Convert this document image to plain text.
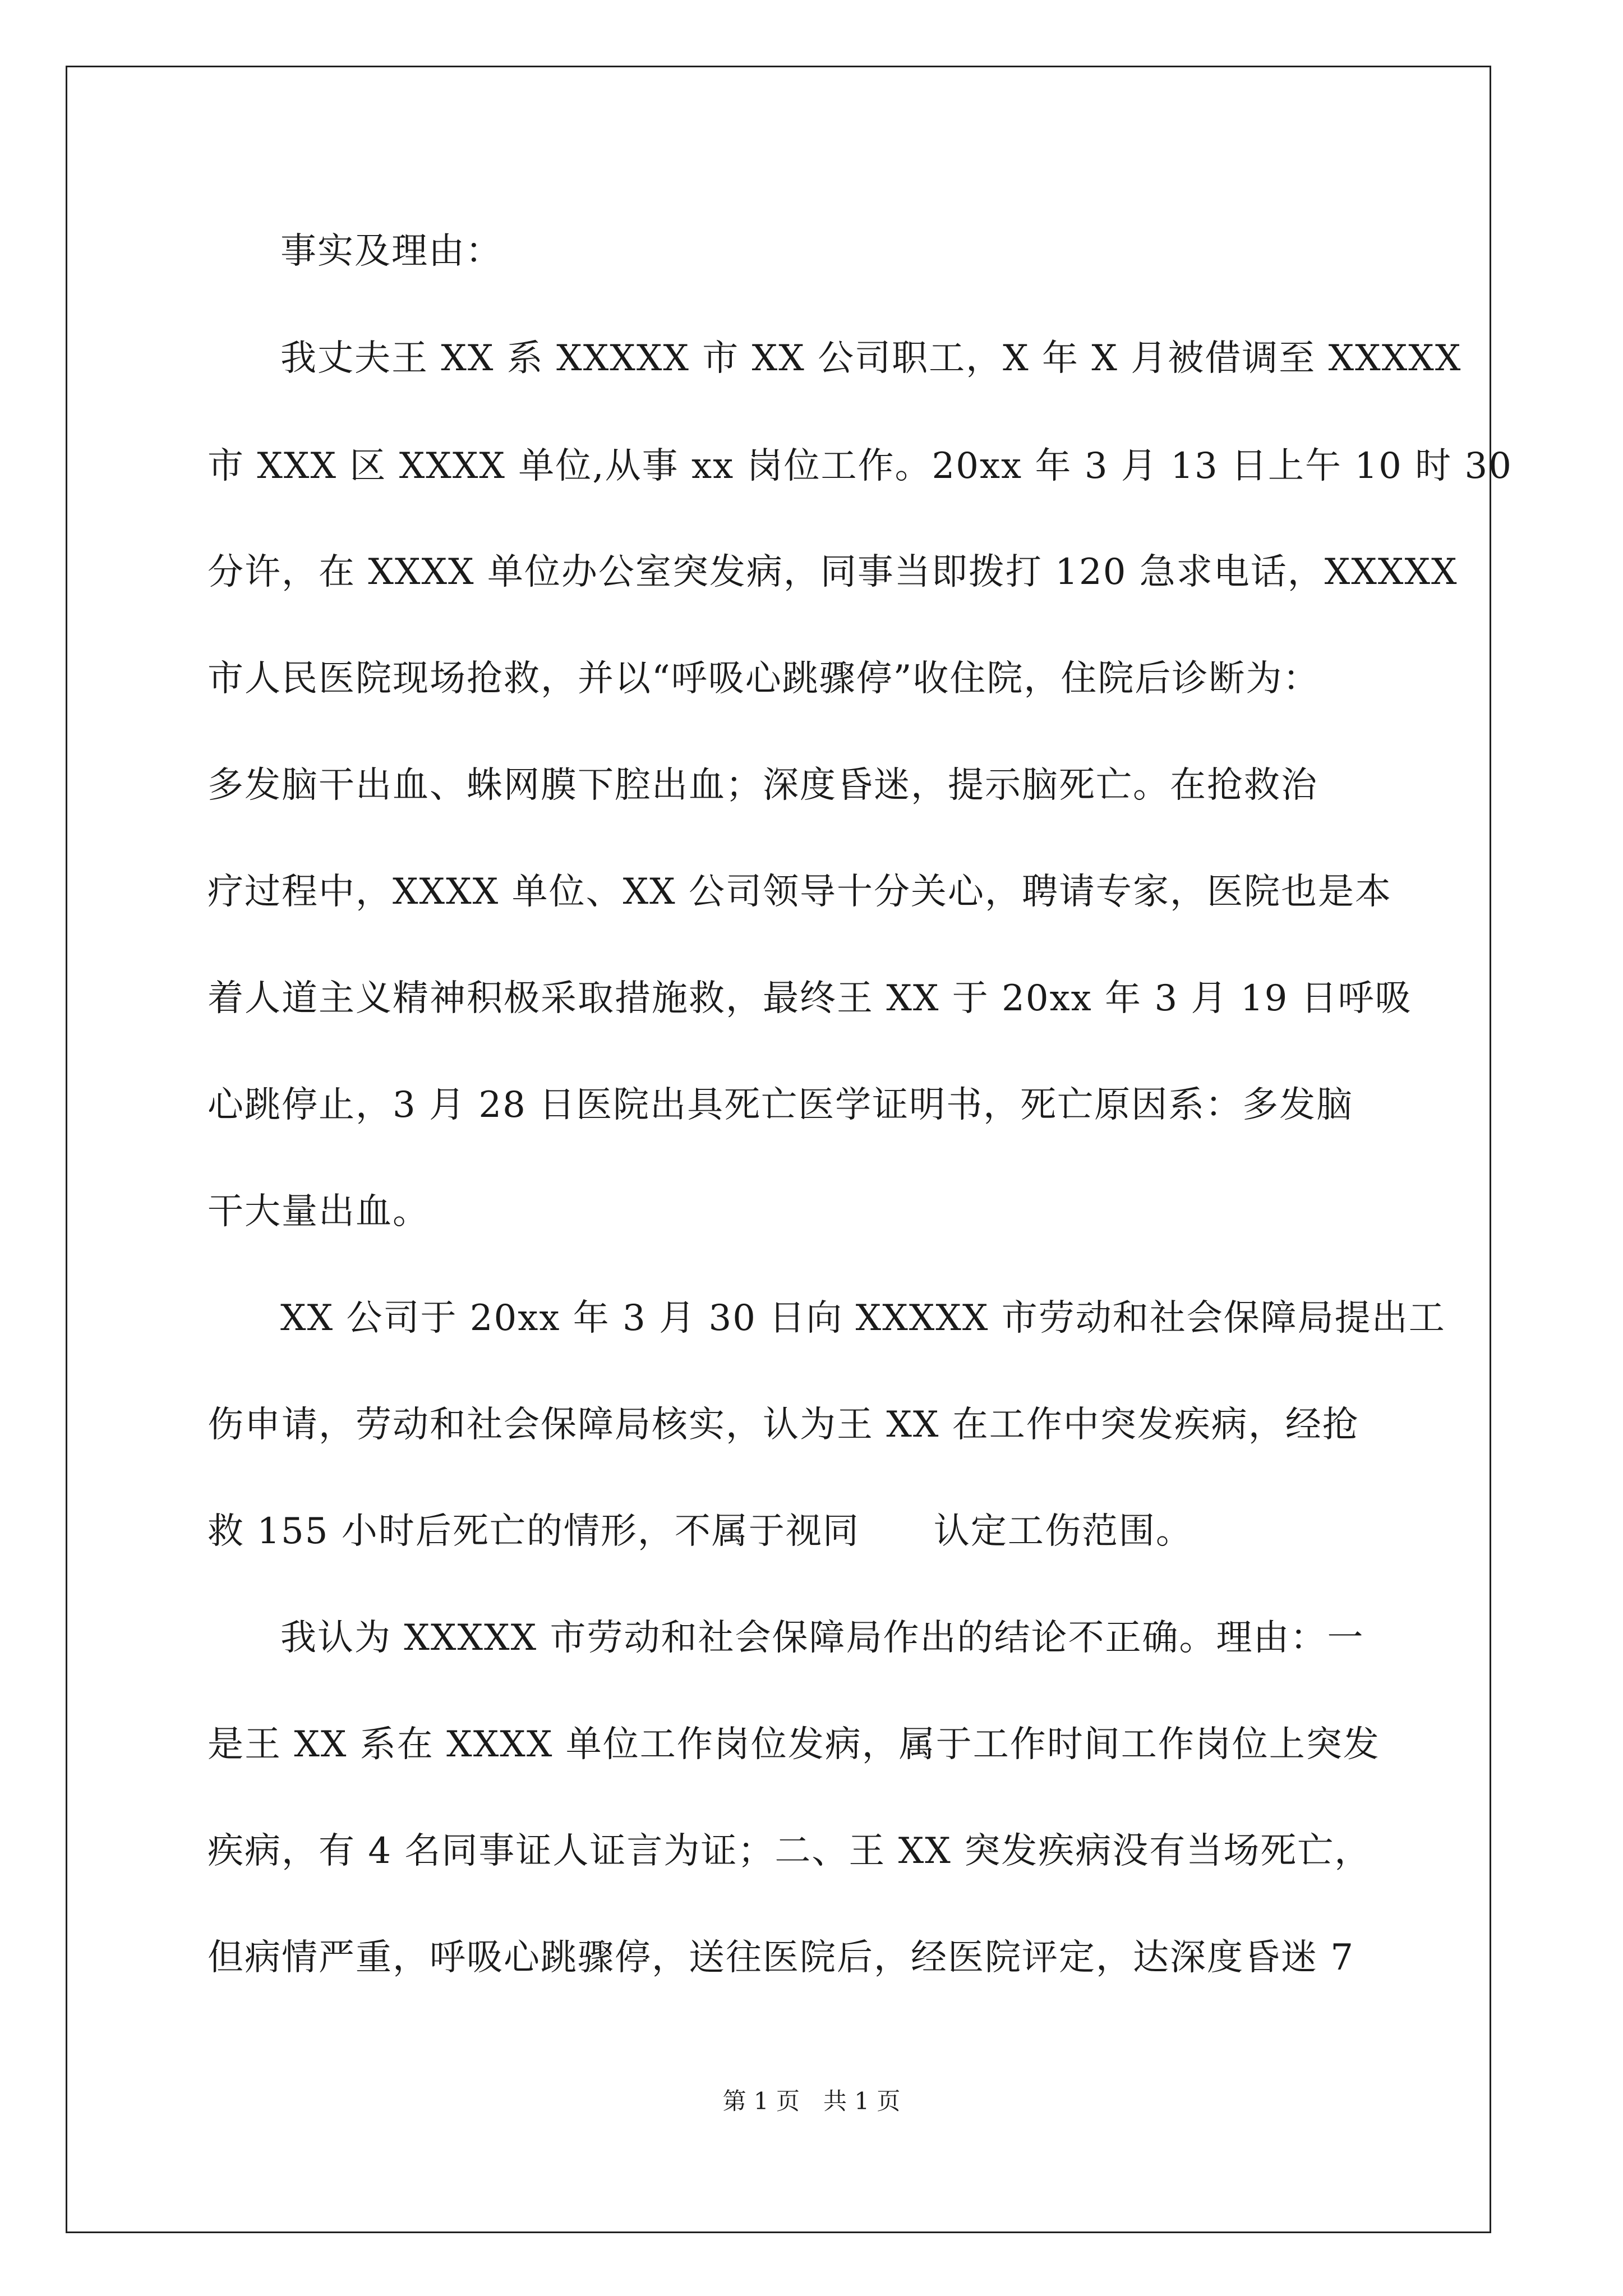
事实及理由：
我丈夫王 XX 系 XXXXX 市 XX 公司职工，X 年 X 月被借调至 XXXXX
市 XXX 区 XXXX 单位,从事 xx 岗位工作。20xx 年 3 月 13 日上午 10 时 30
分许，在 XXXX 单位办公室突发病，同事当即拨打 120 急求电话，XXXXX
市人民医院现场抢救，并以“呼吸心跳骤停”收住院，住院后诊断为：
多发脑干出血、蛛网膜下腔出血；深度昏迷，提示脑死亡。在抢救治
疗过程中，XXXX 单位、XX 公司领导十分关心，聘请专家，医院也是本
着人道主义精神积极采取措施救，最终王 XX 于 20xx 年 3 月 19 日呼吸
心跳停止，3 月 28 日医院出具死亡医学证明书，死亡原因系：多发脑
干大量出血。
XX 公司于 20xx 年 3 月 30 日向 XXXXX 市劳动和社会保障局提出工
伤申请，劳动和社会保障局核实，认为王 XX 在工作中突发疾病，经抢
救 155 小时后死亡的情形，不属于视同　　认定工伤范围。
我认为 XXXXX 市劳动和社会保障局作出的结论不正确。理由：一
是王 XX 系在 XXXX 单位工作岗位发病，属于工作时间工作岗位上突发
疾病，有 4 名同事证人证言为证；二、王 XX 突发疾病没有当场死亡，
但病情严重，呼吸心跳骤停，送往医院后，经医院评定，达深度昏迷 7
第 1 页　共 1 页
